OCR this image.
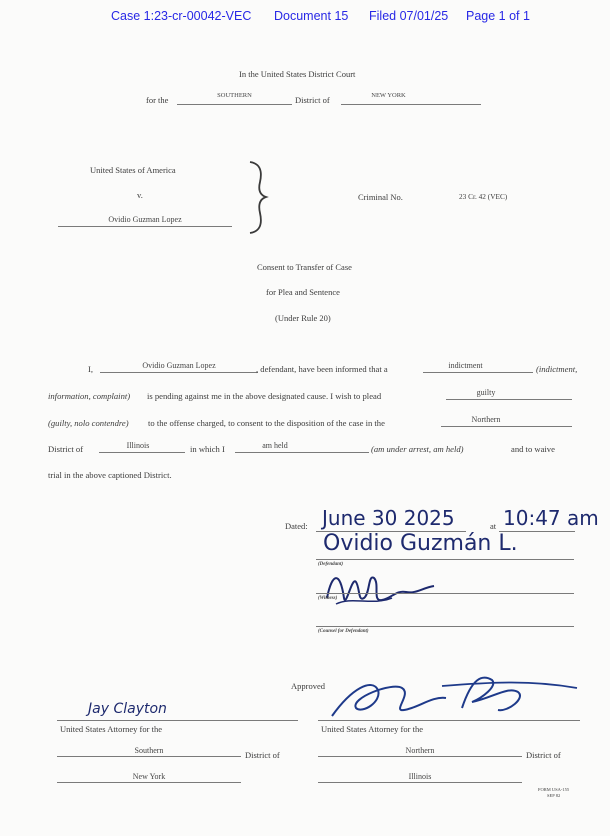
Case 1:23-cr-00042-VEC Document 15 Filed 07/01/25 Page 1 of 1
In the United States District Court
for the	SOUTHERN	District of	NEW YORK
United States of America
v.
Ovidio Guzman Lopez
Criminal No.	23 Cr. 42 (VEC)
Consent to Transfer of Case
for Plea and Sentence
(Under Rule 20)
I,	Ovidio Guzman Lopez	, defendant, have been informed that a	indictment	(indictment,
information, complaint) is pending against me in the above designated cause. I wish to plead	guilty
(guilty, nolo contendre) to the offense charged, to consent to the disposition of the case in the	Northern
District of	Illinois	in which I	am held	(am under arrest, am held)	and to waive
trial in the above captioned District.
Dated: June 30 2025	at 10:47 am
Ovidio Guzmán L.
(Defendant)
(Witness)
(Counsel for Defendant)
Approved
Jay Clayton
United States Attorney for the
Southern	District of
New York
United States Attorney for the
Northern	District of
Illinois
FORM USA-155
SEP 82
